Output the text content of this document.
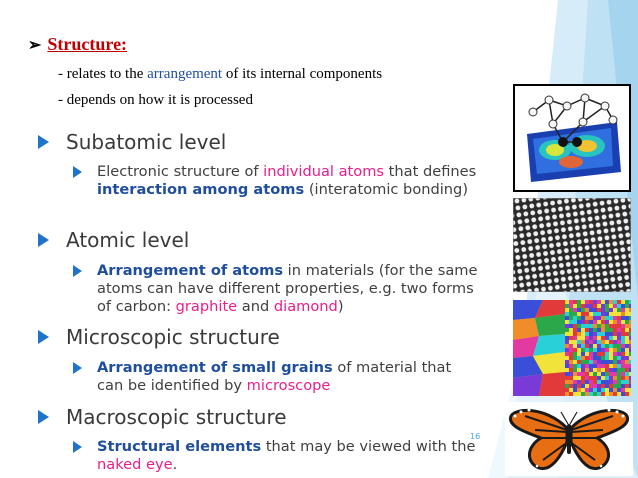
➢ Structure:
- relates to the arrangement of its internal components
- depends on how it is processed
Subatomic level
Electronic structure of individual atoms that defines interaction among atoms (interatomic bonding)
Atomic level
Arrangement of atoms in materials (for the same atoms can have different properties, e.g. two forms of carbon: graphite and diamond)
Microscopic structure
Arrangement of small grains of material that can be identified by microscope
Macroscopic structure
Structural elements that may be viewed with the naked eye.
16
